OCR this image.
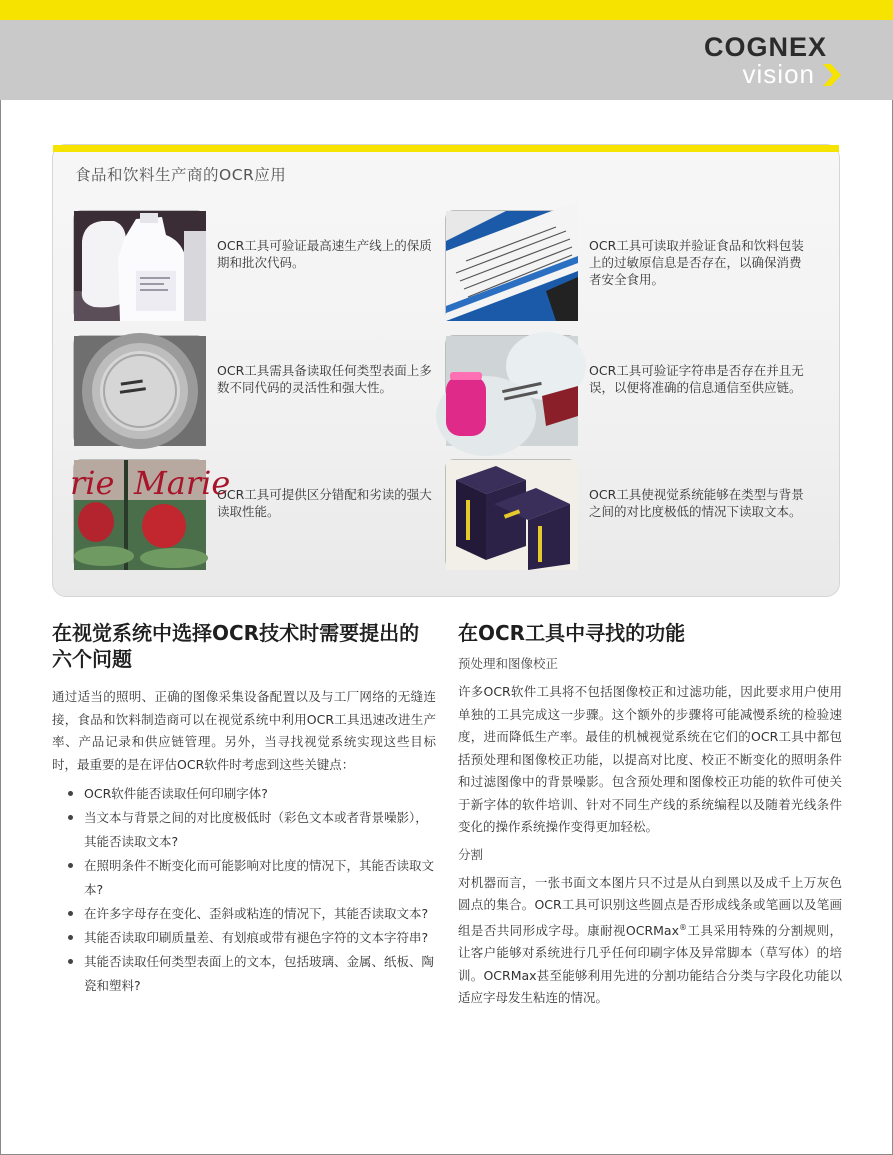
COGNEX
vision
食品和饮料生产商的OCR应用
OCR工具可验证最高速生产线上的保质期和批次代码。
OCR工具可读取并验证食品和饮料包装上的过敏原信息是否存在，以确保消费者安全食用。
OCR工具需具备读取任何类型表面上多数不同代码的灵活性和强大性。
OCR工具可验证字符串是否存在并且无误，以便将准确的信息通信至供应链。
rie Marie
OCR工具可提供区分错配和劣读的强大读取性能。
OCR工具使视觉系统能够在类型与背景之间的对比度极低的情况下读取文本。
在视觉系统中选择OCR技术时需要提出的六个问题

通过适当的照明、正确的图像采集设备配置以及与工厂网络的无缝连接，食品和饮料制造商可以在视觉系统中利用OCR工具迅速改进生产率、产品记录和供应链管理。另外，当寻找视觉系统实现这些目标时，最重要的是在评估OCR软件时考虑到这些关键点：

OCR软件能否读取任何印刷字体?
当文本与背景之间的对比度极低时（彩色文本或者背景噪影），其能否读取文本?
在照明条件不断变化而可能影响对比度的情况下，其能否读取文本?
在许多字母存在变化、歪斜或粘连的情况下，其能否读取文本?
其能否读取印刷质量差、有划痕或带有褪色字符的文本字符串?
其能否读取任何类型表面上的文本，包括玻璃、金属、纸板、陶瓷和塑料?
在OCR工具中寻找的功能
预处理和图像校正

许多OCR软件工具将不包括图像校正和过滤功能，因此要求用户使用单独的工具完成这一步骤。这个额外的步骤将可能减慢系统的检验速度，进而降低生产率。最佳的机械视觉系统在它们的OCR工具中都包括预处理和图像校正功能，以提高对比度、校正不断变化的照明条件和过滤图像中的背景噪影。包含预处理和图像校正功能的软件可使关于新字体的软件培训、针对不同生产线的系统编程以及随着光线条件变化的操作系统操作变得更加轻松。

分割

对机器而言，一张书面文本图片只不过是从白到黑以及成千上万灰色圆点的集合。OCR工具可识别这些圆点是否形成线条或笔画以及笔画组是否共同形成字母。康耐视OCRMax®工具采用特殊的分割规则，让客户能够对系统进行几乎任何印刷字体及异常脚本（草写体）的培训。OCRMax甚至能够利用先进的分割功能结合分类与字段化功能以适应字母发生粘连的情况。
